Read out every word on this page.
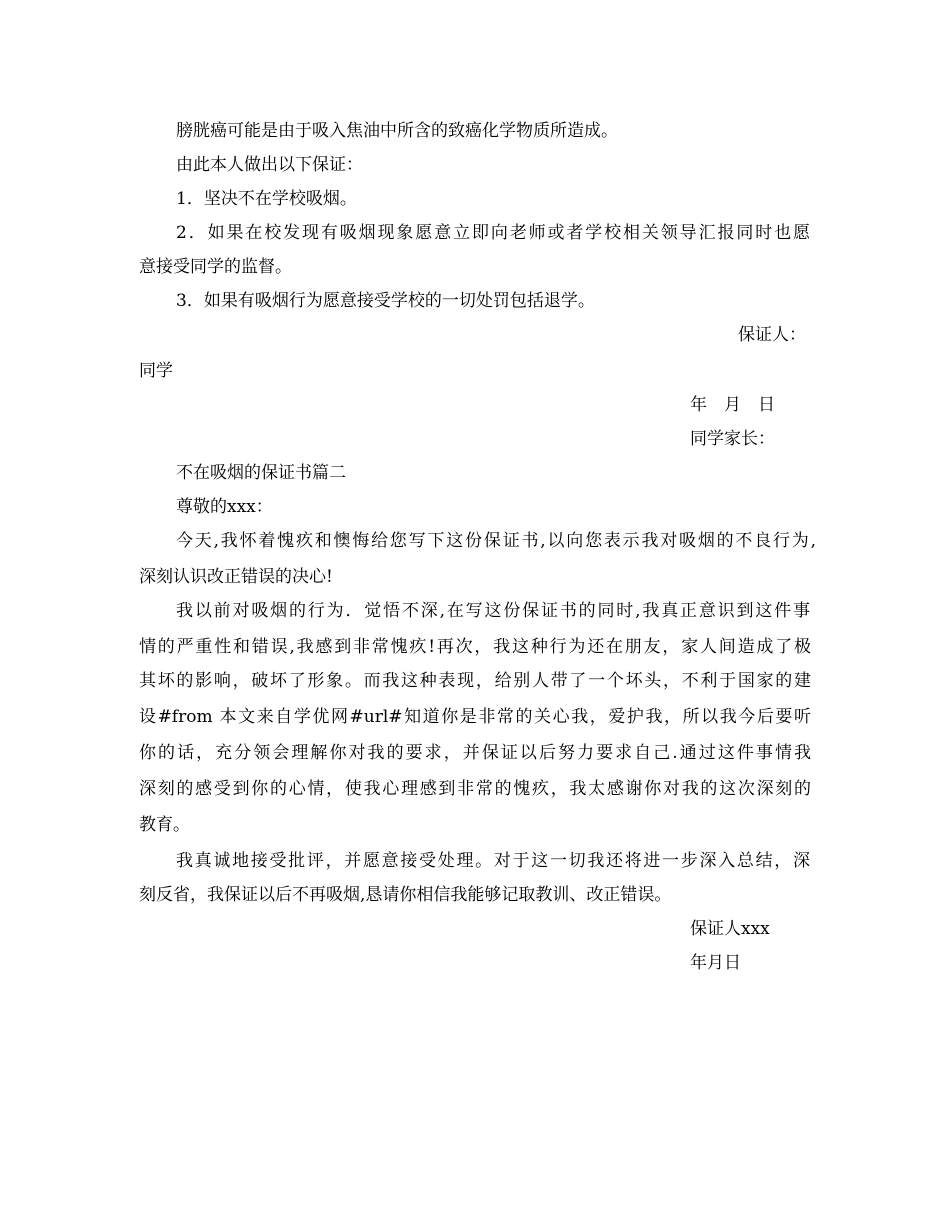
膀胱癌可能是由于吸入焦油中所含的致癌化学物质所造成。
由此本人做出以下保证：
1．坚决不在学校吸烟。
2．如果在校发现有吸烟现象愿意立即向老师或者学校相关领导汇报同时也愿
意接受同学的监督。
3．如果有吸烟行为愿意接受学校的一切处罚包括退学。
保证人：
同学
年　月　日
同学家长：
不在吸烟的保证书篇二
尊敬的xxx：
今天,我怀着愧疚和懊悔给您写下这份保证书,以向您表示我对吸烟的不良行为,
深刻认识改正错误的决心!
我以前对吸烟的行为．觉悟不深,在写这份保证书的同时,我真正意识到这件事
情的严重性和错误,我感到非常愧疚!再次，我这种行为还在朋友，家人间造成了极
其坏的影响，破坏了形象。而我这种表现，给别人带了一个坏头，不利于国家的建
设#from 本文来自学优网#url#知道你是非常的关心我，爱护我，所以我今后要听
你的话，充分领会理解你对我的要求，并保证以后努力要求自己.通过这件事情我
深刻的感受到你的心情，使我心理感到非常的愧疚，我太感谢你对我的这次深刻的
教育。
我真诚地接受批评，并愿意接受处理。对于这一切我还将进一步深入总结，深
刻反省，我保证以后不再吸烟,恳请你相信我能够记取教训、改正错误。
保证人xxx
年月日
